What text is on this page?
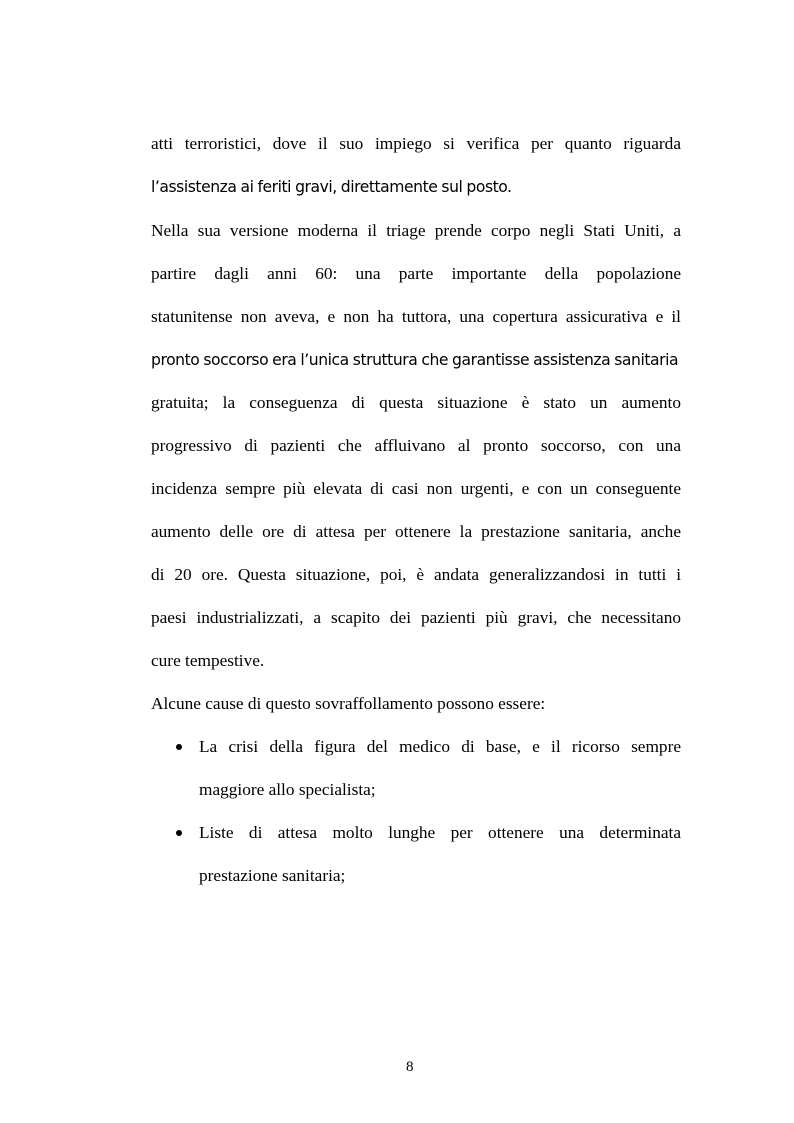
atti terroristici, dove il suo impiego si verifica per quanto riguarda
l’assistenza ai feriti gravi, direttamente sul posto.
Nella sua versione moderna il triage prende corpo negli Stati Uniti, a
partire dagli anni 60: una parte importante della popolazione
statunitense non aveva, e non ha tuttora, una copertura assicurativa e il
pronto soccorso era l’unica struttura che garantisse assistenza sanitaria
gratuita; la conseguenza di questa situazione è stato un aumento
progressivo di pazienti che affluivano al pronto soccorso, con una
incidenza sempre più elevata di casi non urgenti, e con un conseguente
aumento delle ore di attesa per ottenere la prestazione sanitaria, anche
di 20 ore. Questa situazione, poi, è andata generalizzandosi in tutti i
paesi industrializzati, a scapito dei pazienti più gravi, che necessitano
cure tempestive.
Alcune cause di questo sovraffollamento possono essere:
La crisi della figura del medico di base, e il ricorso sempre
maggiore allo specialista;
Liste di attesa molto lunghe per ottenere una determinata
prestazione sanitaria;
8
